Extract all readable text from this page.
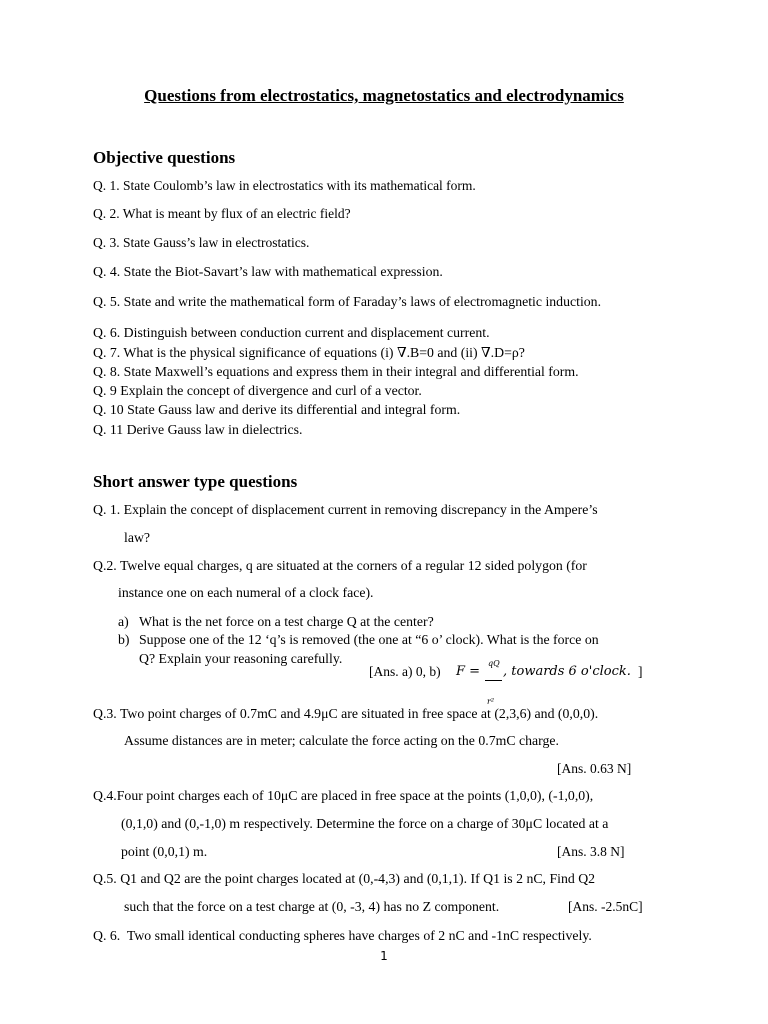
Questions from electrostatics, magnetostatics and electrodynamics
Objective questions
Q. 1. State Coulomb’s law in electrostatics with its mathematical form.
Q. 2. What is meant by flux of an electric field?
Q. 3. State Gauss’s law in electrostatics.
Q. 4. State the Biot-Savart’s law with mathematical expression.
Q. 5. State and write the mathematical form of Faraday’s laws of electromagnetic induction.
Q. 6. Distinguish between conduction current and displacement current.
Q. 7. What is the physical significance of equations (i) ∇.B=0 and (ii) ∇.D=ρ?
Q. 8. State Maxwell’s equations and express them in their integral and differential form.
Q. 9 Explain the concept of divergence and curl of a vector.
Q. 10 State Gauss law and derive its differential and integral form.
Q. 11 Derive Gauss law in dielectrics.
Short answer type questions
Q. 1. Explain the concept of displacement current in removing discrepancy in the Ampere’s
law?
Q.2. Twelve equal charges, q are situated at the corners of a regular 12 sided polygon (for
instance one on each numeral of a clock face).
a) What is the net force on a test charge Q at the center?
b) Suppose one of the 12 ‘q’s is removed (the one at “6 o’ clock). What is the force on
Q? Explain your reasoning carefully.
[Ans. a) 0, b) F =
qQ
r²
, towards 6 o'clock. ]
Q.3. Two point charges of 0.7mC and 4.9μC are situated in free space at (2,3,6) and (0,0,0).
Assume distances are in meter; calculate the force acting on the 0.7mC charge.
[Ans. 0.63 N]
Q.4.Four point charges each of 10μC are placed in free space at the points (1,0,0), (-1,0,0),
(0,1,0) and (0,-1,0) m respectively. Determine the force on a charge of 30μC located at a
point (0,0,1) m.	[Ans. 3.8 N]
Q.5. Q1 and Q2 are the point charges located at (0,-4,3) and (0,1,1). If Q1 is 2 nC, Find Q2
such that the force on a test charge at (0, -3, 4) has no Z component.	[Ans. -2.5nC]
Q. 6.  Two small identical conducting spheres have charges of 2 nC and -1nC respectively.
1
